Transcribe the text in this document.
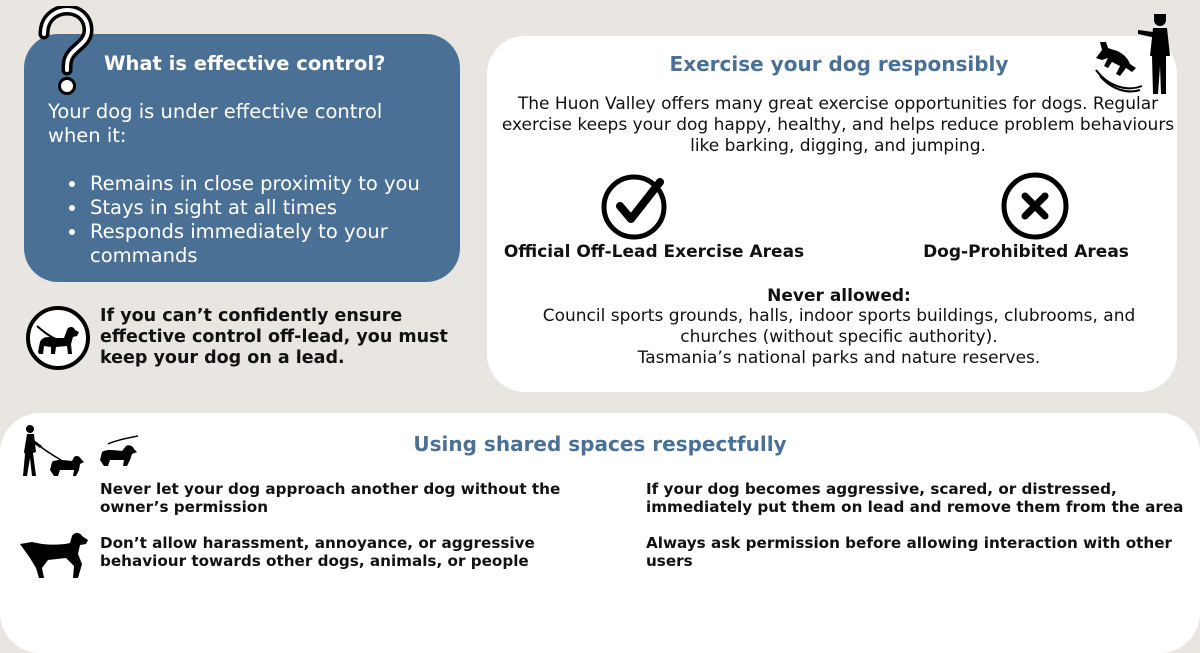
What is effective control?
Your dog is under effective control when it:
• Remains in close proximity to you
• Stays in sight at all times
• Responds immediately to your commands
If you can’t confidently ensure effective control off-lead, you must keep your dog on a lead.
Exercise your dog responsibly
The Huon Valley offers many great exercise opportunities for dogs. Regular exercise keeps your dog happy, healthy, and helps reduce problem behaviours like barking, digging, and jumping.
Official Off-Lead Exercise Areas	Dog-Prohibited Areas
Never allowed:
Council sports grounds, halls, indoor sports buildings, clubrooms, and churches (without specific authority).
Tasmania’s national parks and nature reserves.
Using shared spaces respectfully
Never let your dog approach another dog without the owner’s permission
Don’t allow harassment, annoyance, or aggressive behaviour towards other dogs, animals, or people
If your dog becomes aggressive, scared, or distressed, immediately put them on lead and remove them from the area
Always ask permission before allowing interaction with other users
